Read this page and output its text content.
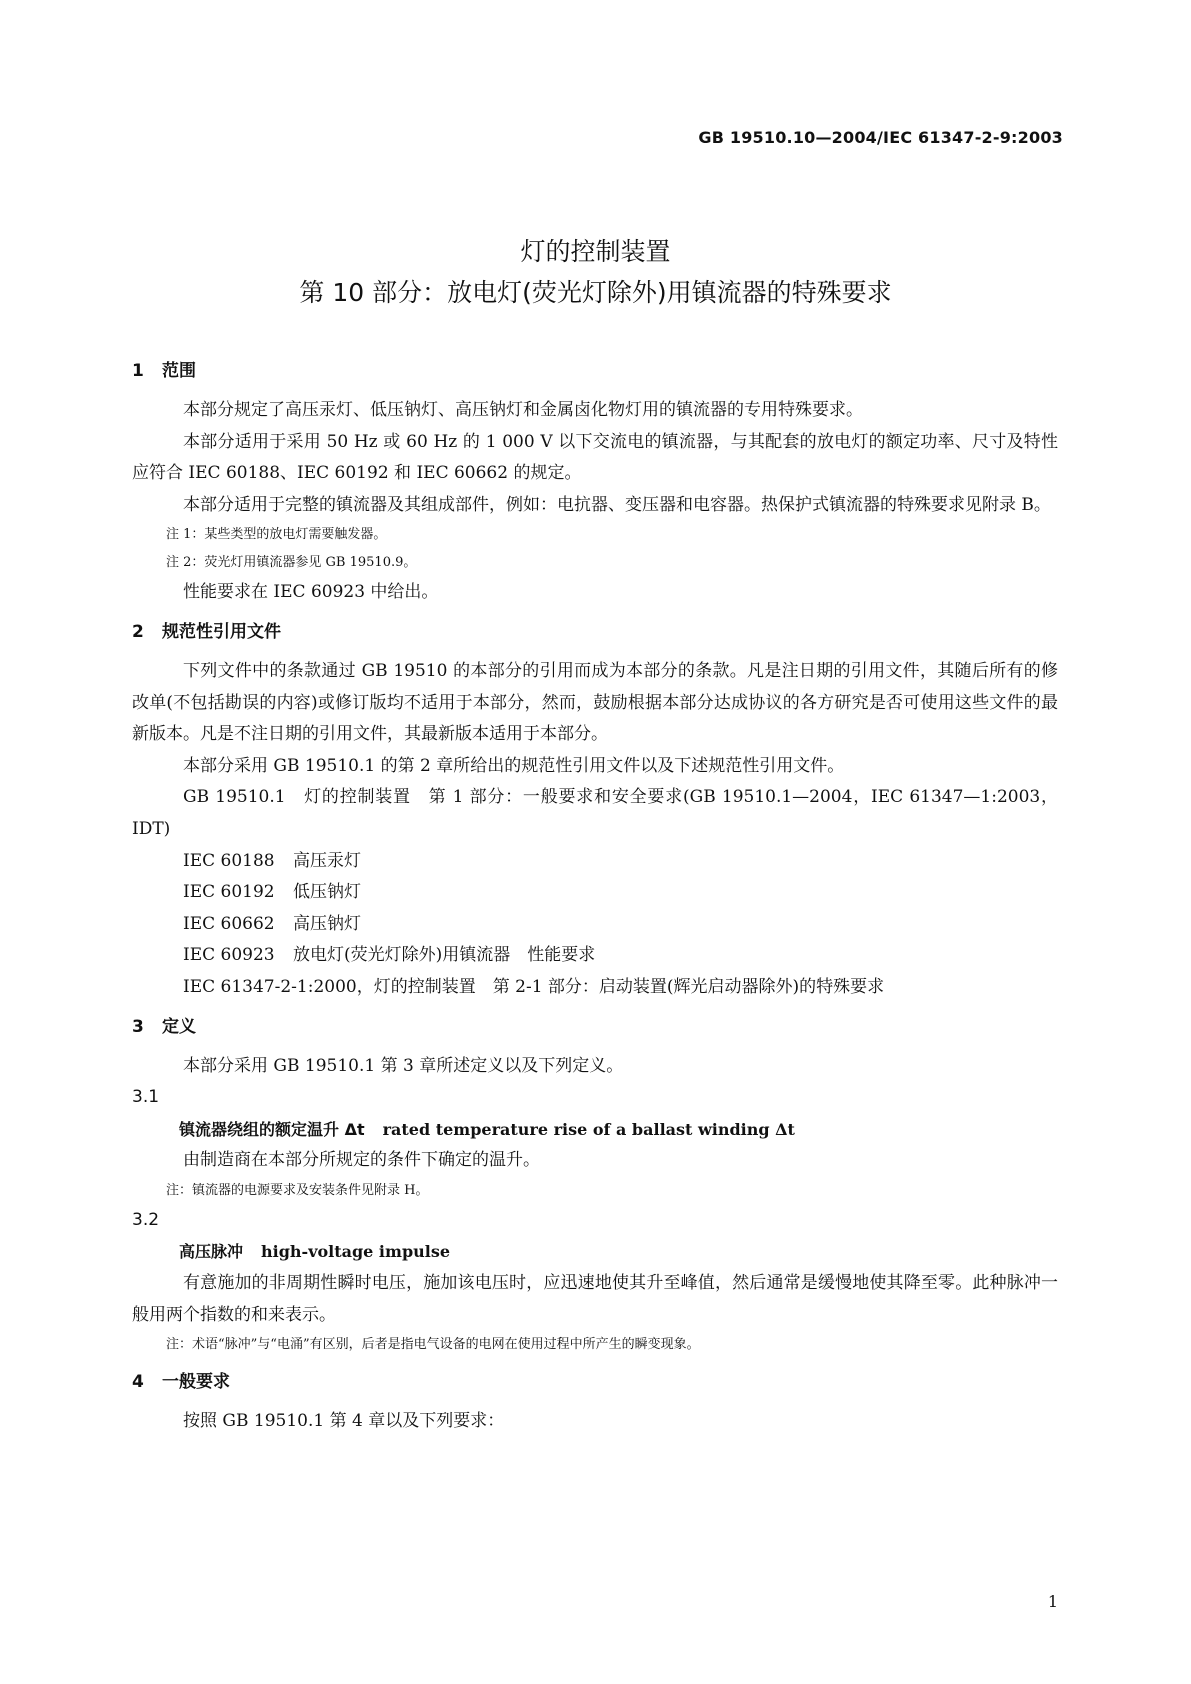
GB 19510.10—2004/IEC 61347-2-9:2003
灯的控制装置
第 10 部分：放电灯(荧光灯除外)用镇流器的特殊要求
1 范围

本部分规定了高压汞灯、低压钠灯、高压钠灯和金属卤化物灯用的镇流器的专用特殊要求。

本部分适用于采用 50 Hz 或 60 Hz 的 1 000 V 以下交流电的镇流器，与其配套的放电灯的额定功率、尺寸及特性应符合 IEC 60188、IEC 60192 和 IEC 60662 的规定。

本部分适用于完整的镇流器及其组成部件，例如：电抗器、变压器和电容器。热保护式镇流器的特殊要求见附录 B。

注 1：某些类型的放电灯需要触发器。

注 2：荧光灯用镇流器参见 GB 19510.9。

性能要求在 IEC 60923 中给出。

2 规范性引用文件

下列文件中的条款通过 GB 19510 的本部分的引用而成为本部分的条款。凡是注日期的引用文件，其随后所有的修改单(不包括勘误的内容)或修订版均不适用于本部分，然而，鼓励根据本部分达成协议的各方研究是否可使用这些文件的最新版本。凡是不注日期的引用文件，其最新版本适用于本部分。

本部分采用 GB 19510.1 的第 2 章所给出的规范性引用文件以及下述规范性引用文件。

GB 19510.1　灯的控制装置　第 1 部分：一般要求和安全要求(GB 19510.1—2004，IEC 61347—1:2003，IDT)

IEC 60188 高压汞灯

IEC 60192 低压钠灯

IEC 60662 高压钠灯

IEC 60923 放电灯(荧光灯除外)用镇流器　性能要求

IEC 61347-2-1:2000，灯的控制装置　第 2-1 部分：启动装置(辉光启动器除外)的特殊要求

3 定义

本部分采用 GB 19510.1 第 3 章所述定义以及下列定义。

3.1

镇流器绕组的额定温升 Δt rated temperature rise of a ballast winding Δt

由制造商在本部分所规定的条件下确定的温升。

注：镇流器的电源要求及安装条件见附录 H。

3.2

高压脉冲 high-voltage impulse

有意施加的非周期性瞬时电压，施加该电压时，应迅速地使其升至峰值，然后通常是缓慢地使其降至零。此种脉冲一般用两个指数的和来表示。

注：术语“脉冲”与“电涌”有区别，后者是指电气设备的电网在使用过程中所产生的瞬变现象。

4 一般要求

按照 GB 19510.1 第 4 章以及下列要求：

1
